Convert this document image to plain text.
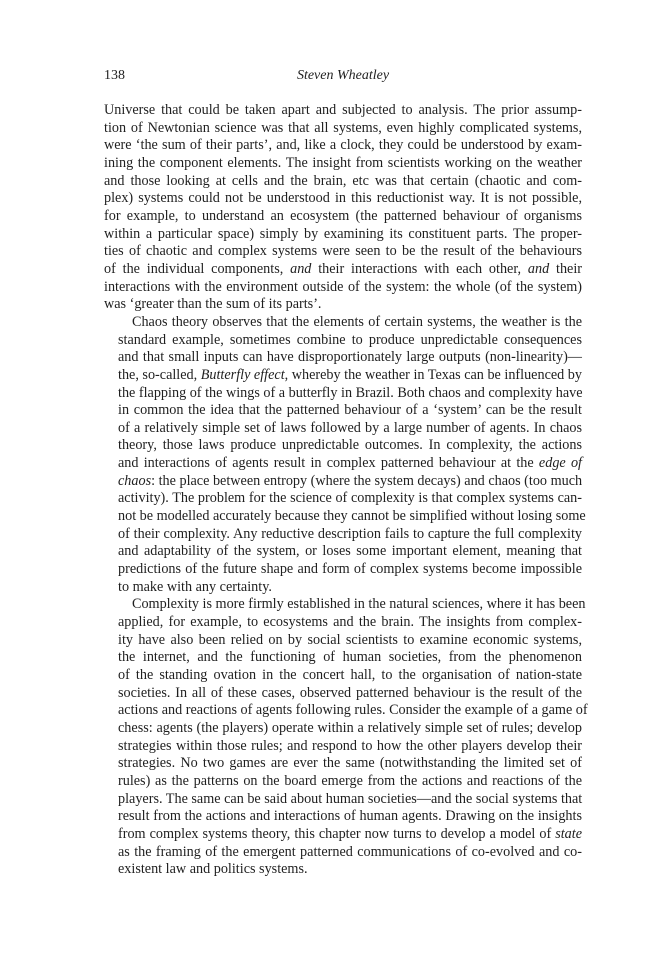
138	Steven Wheatley
Universe that could be taken apart and subjected to analysis. The prior assump-
tion of Newtonian science was that all systems, even highly complicated systems,
were ‘the sum of their parts’, and, like a clock, they could be understood by exam-
ining the component elements. The insight from scientists working on the weather
and those looking at cells and the brain, etc was that certain (chaotic and com-
plex) systems could not be understood in this reductionist way. It is not possible,
for example, to understand an ecosystem (the patterned behaviour of organisms
within a particular space) simply by examining its constituent parts. The proper-
ties of chaotic and complex systems were seen to be the result of the behaviours
of the individual components, and their interactions with each other, and their
interactions with the environment outside of the system: the whole (of the system)
was ‘greater than the sum of its parts’.
Chaos theory observes that the elements of certain systems, the weather is the
standard example, sometimes combine to produce unpredictable consequences
and that small inputs can have disproportionately large outputs (non-linearity)—
the, so-called, Butterfly effect, whereby the weather in Texas can be influenced by
the flapping of the wings of a butterfly in Brazil. Both chaos and complexity have
in common the idea that the patterned behaviour of a ‘system’ can be the result
of a relatively simple set of laws followed by a large number of agents. In chaos
theory, those laws produce unpredictable outcomes. In complexity, the actions
and interactions of agents result in complex patterned behaviour at the edge of
chaos: the place between entropy (where the system decays) and chaos (too much
activity). The problem for the science of complexity is that complex systems can-
not be modelled accurately because they cannot be simplified without losing some
of their complexity. Any reductive description fails to capture the full complexity
and adaptability of the system, or loses some important element, meaning that
predictions of the future shape and form of complex systems become impossible
to make with any certainty.
Complexity is more firmly established in the natural sciences, where it has been
applied, for example, to ecosystems and the brain. The insights from complex-
ity have also been relied on by social scientists to examine economic systems,
the internet, and the functioning of human societies, from the phenomenon
of the standing ovation in the concert hall, to the organisation of nation-state
societies. In all of these cases, observed patterned behaviour is the result of the
actions and reactions of agents following rules. Consider the example of a game of
chess: agents (the players) operate within a relatively simple set of rules; develop
strategies within those rules; and respond to how the other players develop their
strategies. No two games are ever the same (notwithstanding the limited set of
rules) as the patterns on the board emerge from the actions and reactions of the
players. The same can be said about human societies—and the social systems that
result from the actions and interactions of human agents. Drawing on the insights
from complex systems theory, this chapter now turns to develop a model of state
as the framing of the emergent patterned communications of co-evolved and co-
existent law and politics systems.
